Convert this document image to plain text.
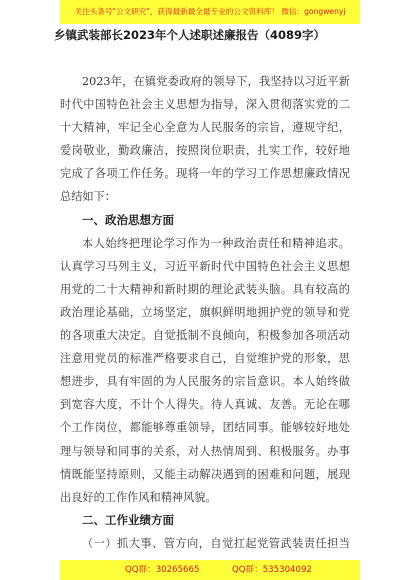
关注头条号"公文研究"，获得最新最全最专业的公文资料库！ 微信：gongwenyj
乡镇武装部长2023年个人述职述廉报告（4089字）
2023年，在镇党委政府的领导下，我坚持以习近平新
时代中国特色社会主义思想为指导，深入贯彻落实党的二
十大精神，牢记全心全意为人民服务的宗旨，遵规守纪，
爱岗敬业，勤政廉洁，按照岗位职责，扎实工作，较好地
完成了各项工作任务。现将一年的学习工作思想廉政情况
总结如下：
一、政治思想方面
本人始终把理论学习作为一种政治责任和精神追求。
认真学习马列主义，习近平新时代中国特色社会主义思想
用党的二十大精神和新时期的理论武装头脑。具有较高的
政治理论基础，立场坚定，旗帜鲜明地拥护党的领导和党
的各项重大决定。自觉抵制不良倾向，积极参加各项活动
注意用党员的标准严格要求自己，自觉维护党的形象，思
想进步，具有牢固的为人民服务的宗旨意识。本人始终做
到宽容大度，不计个人得失。待人真诚、友善。无论在哪
个工作岗位，都能够尊重领导，团结同事。能够较好地处
理与领导和同事的关系，对人热情周到、积极服务。办事
情既能坚持原则，又能主动解决遇到的困难和问题，展现
出良好的工作作风和精神风貌。
二、工作业绩方面
（一）抓大事、管方向，自觉扛起党管武装责任担当
QQ群：30265665	QQ群：535304092
